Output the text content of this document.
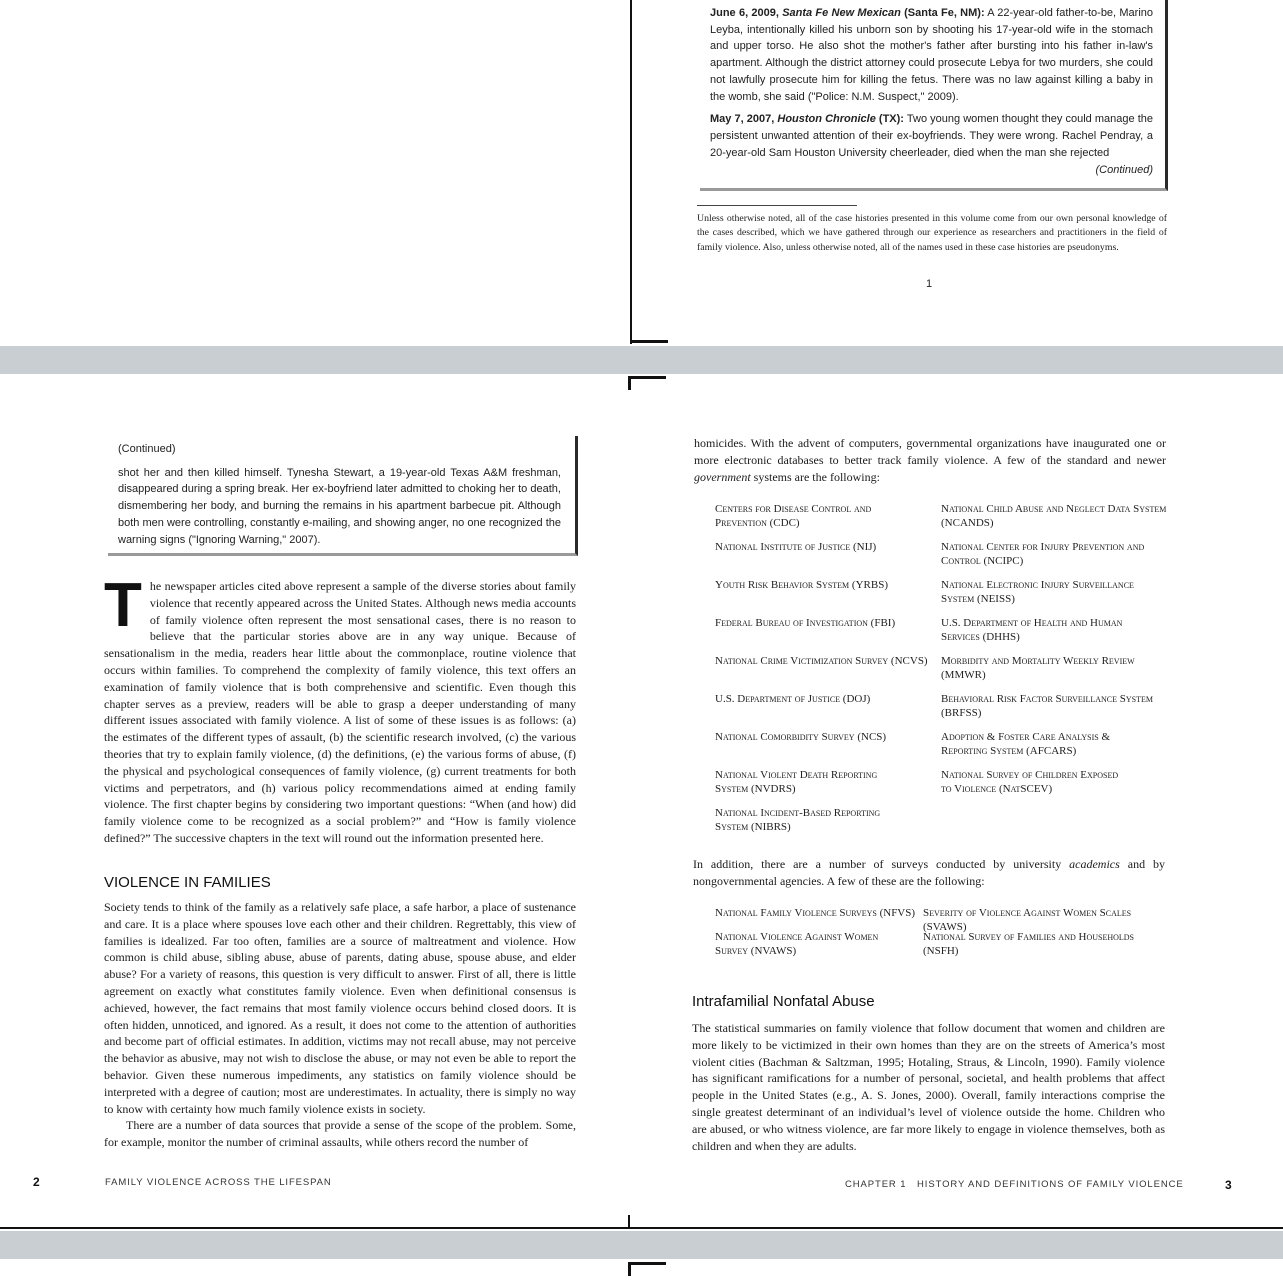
June 6, 2009, Santa Fe New Mexican (Santa Fe, NM): A 22-year-old father-to-be, Marino Leyba, intentionally killed his unborn son by shooting his 17-year-old wife in the stomach and upper torso. He also shot the mother's father after bursting into his father in-law's apartment. Although the district attorney could prosecute Lebya for two murders, she could not lawfully prosecute him for killing the fetus. There was no law against killing a baby in the womb, she said ("Police: N.M. Suspect," 2009).

May 7, 2007, Houston Chronicle (TX): Two young women thought they could manage the persistent unwanted attention of their ex-boyfriends. They were wrong. Rachel Pendray, a 20-year-old Sam Houston University cheerleader, died when the man she rejected

(Continued)

Unless otherwise noted, all of the case histories presented in this volume come from our own personal knowledge of the cases described, which we have gathered through our experience as researchers and practitioners in the field of family violence. Also, unless otherwise noted, all of the names used in these case histories are pseudonyms.

1

(Continued)

shot her and then killed himself. Tynesha Stewart, a 19-year-old Texas A&M freshman, disappeared during a spring break. Her ex-boyfriend later admitted to choking her to death, dismembering her body, and burning the remains in his apartment barbecue pit. Although both men were controlling, constantly e-mailing, and showing anger, no one recognized the warning signs ("Ignoring Warning," 2007).

T he newspaper articles cited above represent a sample of the diverse stories about family violence that recently appeared across the United States. Although news media accounts of family violence often represent the most sensational cases, there is no reason to believe that the particular stories above are in any way unique. Because of sensationalism in the media, readers hear little about the commonplace, routine violence that occurs within families. To comprehend the complexity of family violence, this text offers an examination of family violence that is both comprehensive and scientific. Even though this chapter serves as a preview, readers will be able to grasp a deeper understanding of many different issues associated with family violence. A list of some of these issues is as follows: (a) the estimates of the different types of assault, (b) the scientific research involved, (c) the various theories that try to explain family violence, (d) the definitions, (e) the various forms of abuse, (f) the physical and psychological consequences of family violence, (g) current treatments for both victims and perpetrators, and (h) various policy recommendations aimed at ending family violence. The first chapter begins by considering two important questions: “When (and how) did family violence come to be recognized as a social problem?” and “How is family violence defined?” The successive chapters in the text will round out the information presented here.

VIOLENCE IN FAMILIES

Society tends to think of the family as a relatively safe place, a safe harbor, a place of sustenance and care. It is a place where spouses love each other and their children. Regrettably, this view of families is idealized. Far too often, families are a source of maltreatment and violence. How common is child abuse, sibling abuse, abuse of parents, dating abuse, spouse abuse, and elder abuse? For a variety of reasons, this question is very difficult to answer. First of all, there is little agreement on exactly what constitutes family violence. Even when definitional consensus is achieved, however, the fact remains that most family violence occurs behind closed doors. It is often hidden, unnoticed, and ignored. As a result, it does not come to the attention of authorities and become part of official estimates. In addition, victims may not recall abuse, may not perceive the behavior as abusive, may not wish to disclose the abuse, or may not even be able to report the behavior. Given these numerous impediments, any statistics on family violence should be interpreted with a degree of caution; most are underestimates. In actuality, there is simply no way to know with certainty how much family violence exists in society.

There are a number of data sources that provide a sense of the scope of the problem. Some, for example, monitor the number of criminal assaults, while others record the number of

2	FAMILY VIOLENCE ACROSS THE LIFESPAN

homicides. With the advent of computers, governmental organizations have inaugurated one or more electronic databases to better track family violence. A few of the standard and newer government systems are the following:

Centers for Disease Control and
Prevention (CDC)
National Institute of Justice (NIJ)
Youth Risk Behavior System (YRBS)
Federal Bureau of Investigation (FBI)
National Crime Victimization Survey (NCVS)
U.S. Department of Justice (DOJ)
National Comorbidity Survey (NCS)
National Violent Death Reporting
System (NVDRS)
National Incident-Based Reporting
System (NIBRS)
National Child Abuse and Neglect Data System
(NCANDS)
National Center for Injury Prevention and
Control (NCIPC)
National Electronic Injury Surveillance
System (NEISS)
U.S. Department of Health and Human
Services (DHHS)
Morbidity and Mortality Weekly Review
(MMWR)
Behavioral Risk Factor Surveillance System
(BRFSS)
Adoption & Foster Care Analysis &
Reporting System (AFCARS)
National Survey of Children Exposed
to Violence (NatSCEV)

In addition, there are a number of surveys conducted by university academics and by nongovernmental agencies. A few of these are the following:

National Family Violence Surveys (NFVS)
National Violence Against Women
Survey (NVAWS)
Severity of Violence Against Women Scales (SVAWS)
National Survey of Families and Households (NSFH)
Intrafamilial Nonfatal Abuse

The statistical summaries on family violence that follow document that women and children are more likely to be victimized in their own homes than they are on the streets of America’s most violent cities (Bachman & Saltzman, 1995; Hotaling, Straus, & Lincoln, 1990). Family violence has significant ramifications for a number of personal, societal, and health problems that affect people in the United States (e.g., A. S. Jones, 2000). Overall, family interactions comprise the single greatest determinant of an individual’s level of violence outside the home. Children who are abused, or who witness violence, are far more likely to engage in violence themselves, both as children and when they are adults.

CHAPTER 1   HISTORY AND DEFINITIONS OF FAMILY VIOLENCE	3
